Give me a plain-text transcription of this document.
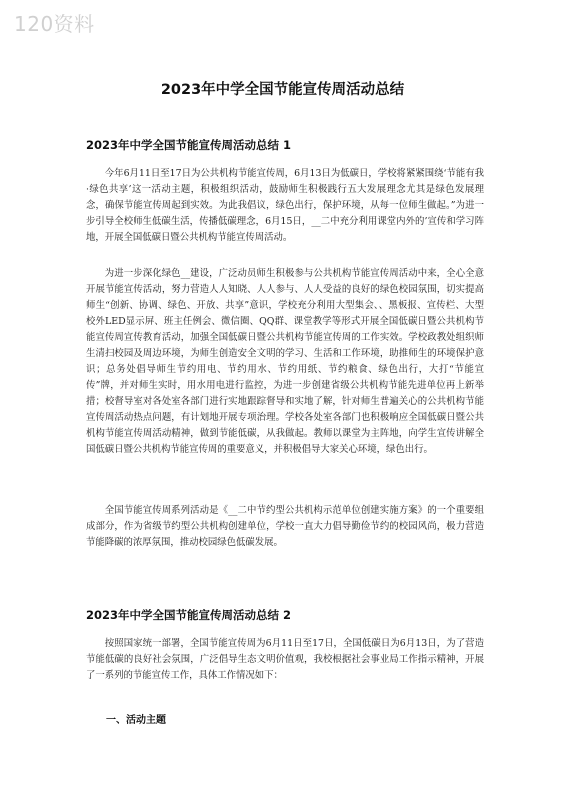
120资料
2023年中学全国节能宣传周活动总结
2023年中学全国节能宣传周活动总结 1

今年6月11日至17日为公共机构节能宣传周，6月13日为低碳日，学校将紧紧围绕‘节能有我·绿色共享’这一活动主题，积极组织活动，鼓励师生积极践行五大发展理念尤其是绿色发展理念，确保节能宣传周起到实效。为此我倡议，绿色出行，保护环境，从每一位师生做起。”为进一步引导全校师生低碳生活，传播低碳理念，6月15日，__二中充分利用课堂内外的’宣传和学习阵地，开展全国低碳日暨公共机构节能宣传周活动。

为进一步深化绿色__建设，广泛动员师生积极参与公共机构节能宣传周活动中来，全心全意开展节能宣传活动，努力营造人人知晓、人人参与、人人受益的良好的绿色校园氛围，切实提高师生“创新、协调、绿色、开放、共享”意识，学校充分利用大型集会、、黑板报、宣传栏、大型校外LED显示屏、班主任例会、微信圈、QQ群、课堂教学等形式开展全国低碳日暨公共机构节能宣传周宣传教育活动，加强全国低碳日暨公共机构节能宣传周的工作实效。学校政教处组织师生清扫校园及周边环境，为师生创造安全文明的学习、生活和工作环境，助推师生的环境保护意识；总务处倡导师生节约用电、节约用水、节约用纸、节约粮食、绿色出行，大打“节能宣传”牌，并对师生实时，用水用电进行监控，为进一步创建省级公共机构节能先进单位再上新举措；校督导室对各处室各部门进行实地跟踪督导和实地了解，针对师生普遍关心的公共机构节能宣传周活动热点问题，有计划地开展专项治理。学校各处室各部门也积极响应全国低碳日暨公共机构节能宣传周活动精神，做到节能低碳，从我做起。教师以课堂为主阵地，向学生宣传讲解全国低碳日暨公共机构节能宣传周的重要意义，并积极倡导大家关心环境，绿色出行。

全国节能宣传周系列活动是《__二中节约型公共机构示范单位创建实施方案》的一个重要组成部分，作为省级节约型公共机构创建单位，学校一直大力倡导勤俭节约的校园风尚，极力营造节能降碳的浓厚氛围，推动校园绿色低碳发展。

2023年中学全国节能宣传周活动总结 2

按照国家统一部署，全国节能宣传周为6月11日至17日，全国低碳日为6月13日，为了营造节能低碳的良好社会氛围，广泛倡导生态文明价值观，我校根据社会事业局工作指示精神，开展了一系列的节能宣传工作，具体工作情况如下：

一、活动主题
